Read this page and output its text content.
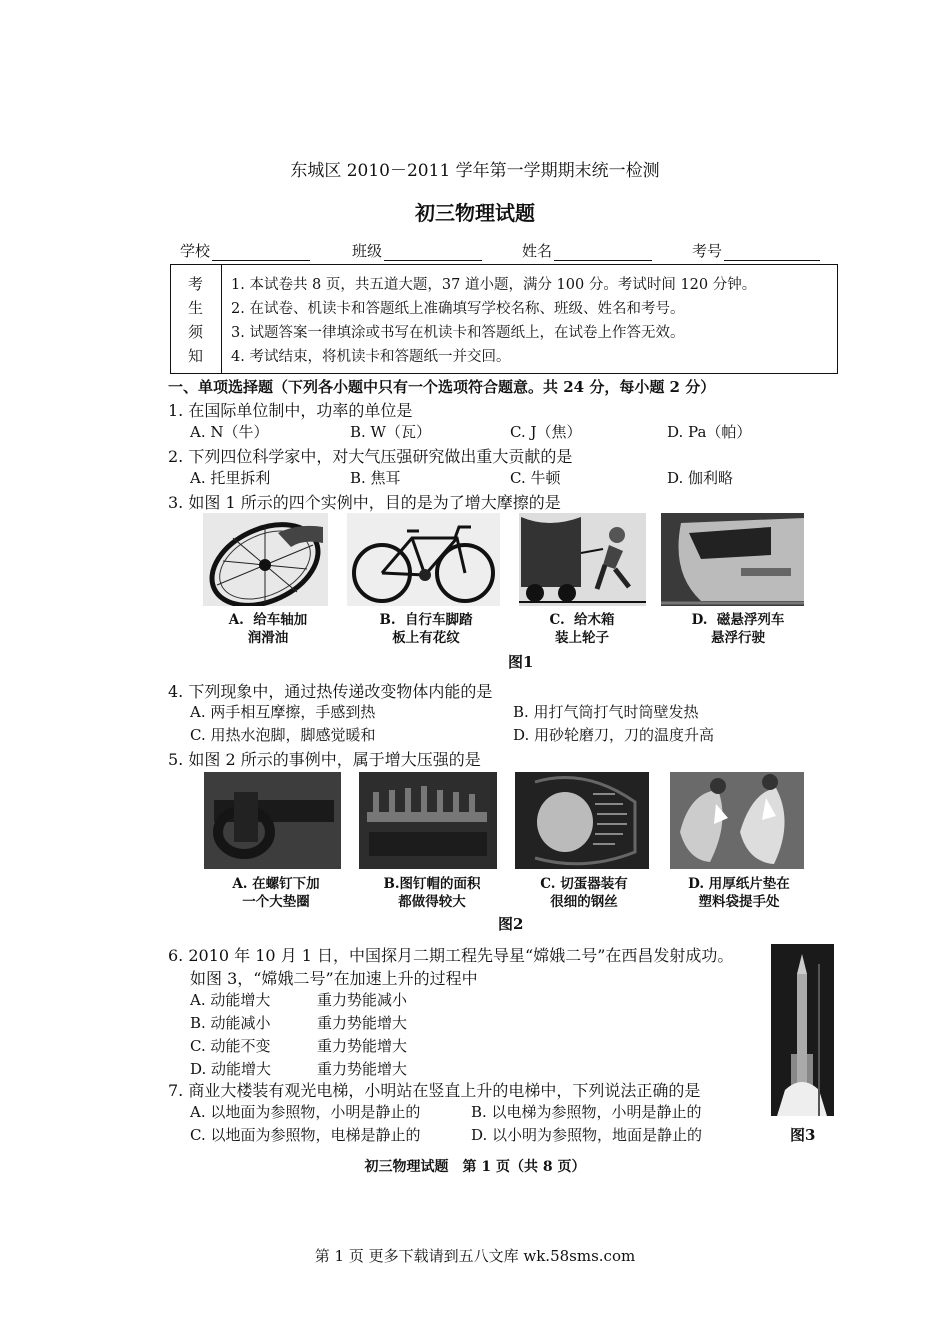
东城区 2010－2011 学年第一学期期末统一检测
初三物理试题
学校	班级	姓名	考号
考
生
须
知
1. 本试卷共 8 页，共五道大题，37 道小题，满分 100 分。考试时间 120 分钟。
2. 在试卷、机读卡和答题纸上准确填写学校名称、班级、姓名和考号。
3. 试题答案一律填涂或书写在机读卡和答题纸上，在试卷上作答无效。
4. 考试结束，将机读卡和答题纸一并交回。
一、单项选择题（下列各小题中只有一个选项符合题意。共 24 分，每小题 2 分）
1. 在国际单位制中，功率的单位是
A. N（牛）	B. W（瓦）	C. J（焦）	D. Pa（帕）
2. 下列四位科学家中，对大气压强研究做出重大贡献的是
A. 托里拆利	B. 焦耳	C. 牛顿	D. 伽利略
3. 如图 1 所示的四个实例中，目的是为了增大摩擦的是
A.  给车轴加
润滑油
B.  自行车脚踏
板上有花纹
C.  给木箱
装上轮子
D.  磁悬浮列车
悬浮行驶
图1
4. 下列现象中，通过热传递改变物体内能的是
A. 两手相互摩擦，手感到热	B. 用打气筒打气时筒壁发热
C. 用热水泡脚，脚感觉暖和	D. 用砂轮磨刀，刀的温度升高
5. 如图 2 所示的事例中，属于增大压强的是
A. 在螺钉下加
一个大垫圈
B.图钉帽的面积
都做得较大
C. 切蛋器装有
很细的钢丝
D. 用厚纸片垫在
塑料袋提手处
图2
6. 2010 年 10 月 1 日，中国探月二期工程先导星“嫦娥二号”在西昌发射成功。
如图 3，“嫦娥二号”在加速上升的过程中
A. 动能增大	重力势能减小
B. 动能减小	重力势能增大
C. 动能不变	重力势能增大
D. 动能增大	重力势能增大
图3
7. 商业大楼装有观光电梯，小明站在竖直上升的电梯中，下列说法正确的是
A. 以地面为参照物，小明是静止的	B. 以电梯为参照物，小明是静止的
C. 以地面为参照物，电梯是静止的	D. 以小明为参照物，地面是静止的
初三物理试题　第 1 页（共 8 页）
第 1 页 更多下载请到五八文库 wk.58sms.com
